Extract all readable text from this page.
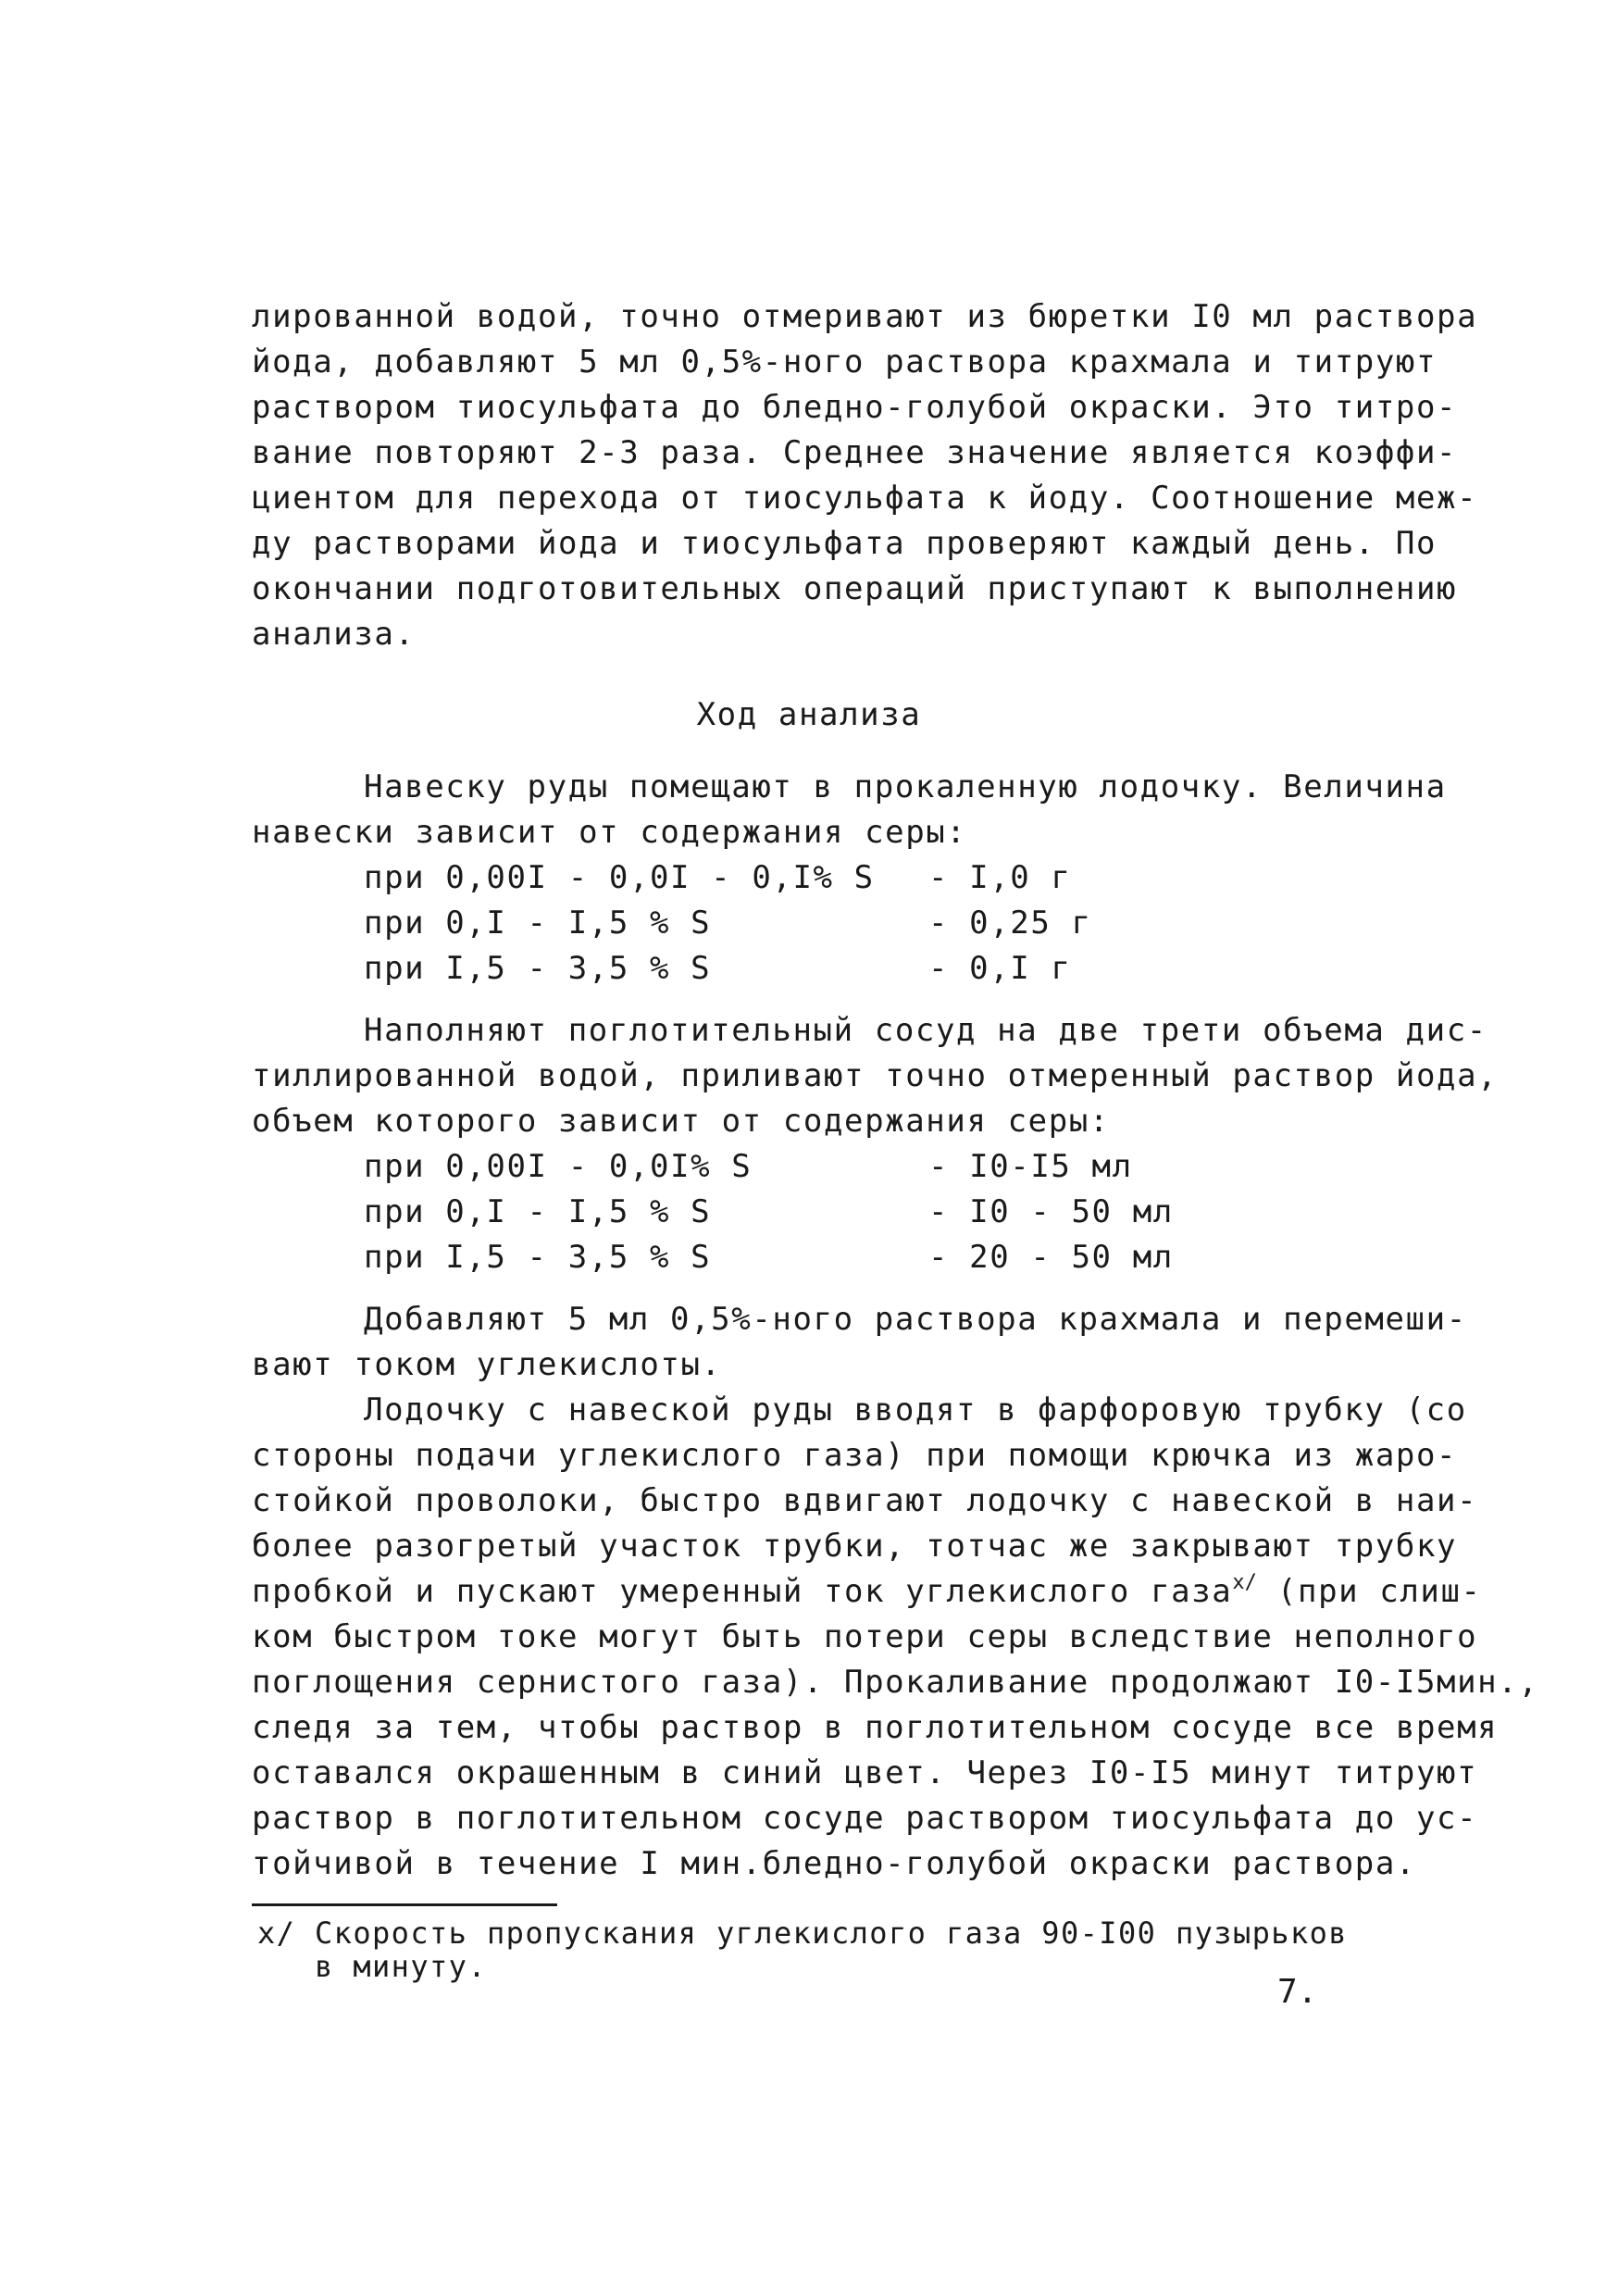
лированной водой, точно отмеривают из бюретки I0 мл раствора
йода, добавляют 5 мл 0,5%-ного раствора крахмала и титруют
раствором тиосульфата до бледно-голубой окраски. Это титро-
вание повторяют 2-3 раза. Среднее значение является коэффи-
циентом для перехода от тиосульфата к йоду. Соотношение меж-
ду растворами йода и тиосульфата проверяют каждый день. По
окончании подготовительных операций приступают к выполнению
анализа.
Ход анализа
Навеску руды помещают в прокаленную лодочку. Величина
навески зависит от содержания серы:
при 0,00I - 0,0I - 0,I% S - I,0 г
при 0,I - I,5 % S	- 0,25 г
при I,5 - 3,5 % S	- 0,I г
Наполняют поглотительный сосуд на две трети объема дис-
тиллированной водой, приливают точно отмеренный раствор йода,
объем которого зависит от содержания серы:
при 0,00I - 0,0I% S	- I0-I5 мл
при 0,I - I,5 % S	- I0 - 50 мл
при I,5 - 3,5 % S	- 20 - 50 мл
Добавляют 5 мл 0,5%-ного раствора крахмала и перемеши-
вают током углекислоты.
Лодочку с навеской руды вводят в фарфоровую трубку (со
стороны подачи углекислого газа) при помощи крючка из жаро-
стойкой проволоки, быстро вдвигают лодочку с навеской в наи-
более разогретый участок трубки, тотчас же закрывают трубку
пробкой и пускают умеренный ток углекислого газа$^{x/}$ (при слиш-
ком быстром токе могут быть потери серы вследствие неполного
поглощения сернистого газа). Прокаливание продолжают I0-I5мин.,
следя за тем, чтобы раствор в поглотительном сосуде все время
оставался окрашенным в синий цвет. Через I0-I5 минут титруют
раствор в поглотительном сосуде раствором тиосульфата до ус-
тойчивой в течение I мин.бледно-голубой окраски раствора.
x/ Скорость пропускания углекислого газа 90-I00 пузырьков
в минуту.
7.
